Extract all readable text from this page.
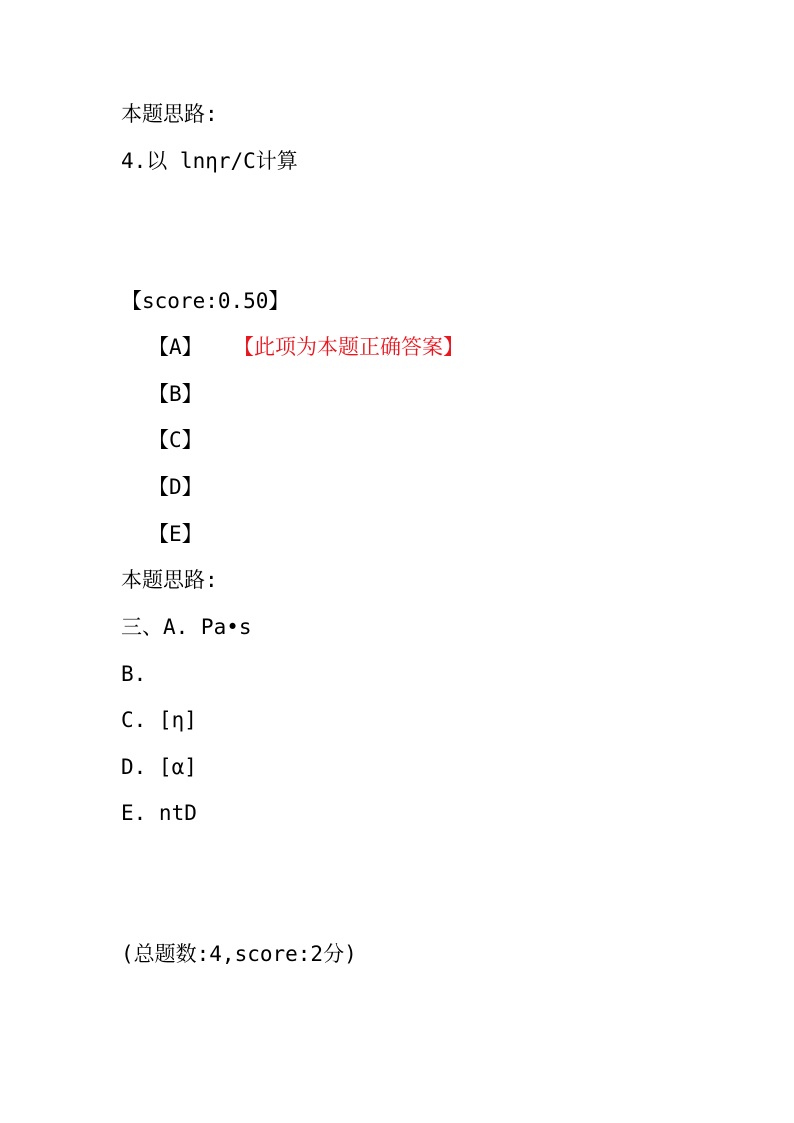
本题思路:
4.以 lnηr/C计算
【score:0.50】
【A】 【此项为本题正确答案】
【B】
【C】
【D】
【E】
本题思路:
三、A. Pa•s
B.
C. [η]
D. [α]
E. ntD
(总题数:4,score:2分)
